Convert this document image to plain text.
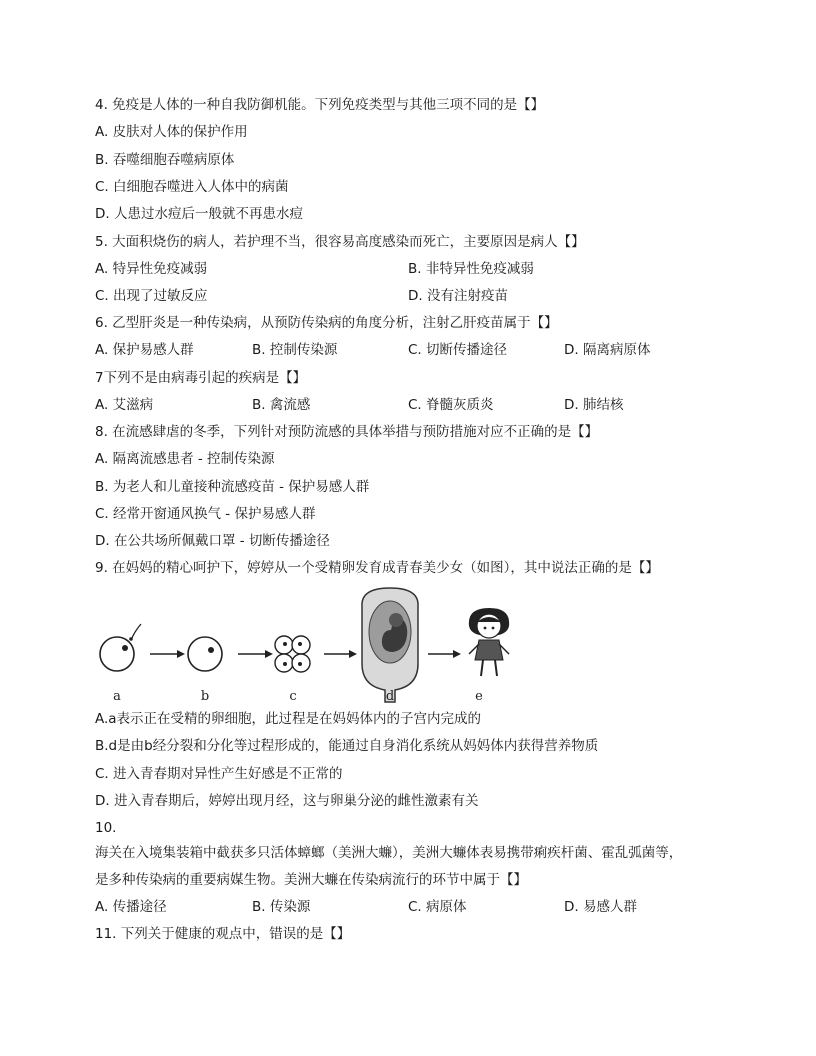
4. 免疫是人体的一种自我防御机能。下列免疫类型与其他三项不同的是【】
A. 皮肤对人体的保护作用
B. 吞噬细胞吞噬病原体
C. 白细胞吞噬进入人体中的病菌
D. 人患过水痘后一般就不再患水痘
5. 大面积烧伤的病人，若护理不当，很容易高度感染而死亡，主要原因是病人【】
A. 特异性免疫减弱	B. 非特异性免疫减弱
C. 出现了过敏反应	D. 没有注射疫苗
6. 乙型肝炎是一种传染病，从预防传染病的角度分析，注射乙肝疫苗属于【】
A. 保护易感人群	B. 控制传染源	C. 切断传播途径	D. 隔离病原体
7下列不是由病毒引起的疾病是【】
A. 艾滋病	B. 禽流感	C. 脊髓灰质炎	D. 肺结核
8. 在流感肆虐的冬季，下列针对预防流感的具体举措与预防措施对应不正确的是【】
A. 隔离流感患者 - 控制传染源
B. 为老人和儿童接种流感疫苗 - 保护易感人群
C. 经常开窗通风换气 - 保护易感人群
D. 在公共场所佩戴口罩 - 切断传播途径
9. 在妈妈的精心呵护下，婷婷从一个受精卵发育成青春美少女（如图），其中说法正确的是【】
a	b	c	d	e
A.a表示正在受精的卵细胞，此过程是在妈妈体内的子宫内完成的
B.d是由b经分裂和分化等过程形成的，能通过自身消化系统从妈妈体内获得营养物质
C. 进入青春期对异性产生好感是不正常的
D. 进入青春期后，婷婷出现月经，这与卵巢分泌的雌性激素有关
10.
海关在入境集装箱中截获多只活体蟑螂（美洲大蠊），美洲大蠊体表易携带痢疾杆菌、霍乱弧菌等，
是多种传染病的重要病媒生物。美洲大蠊在传染病流行的环节中属于【】
A. 传播途径	B. 传染源	C. 病原体	D. 易感人群
11. 下列关于健康的观点中，错误的是【】
